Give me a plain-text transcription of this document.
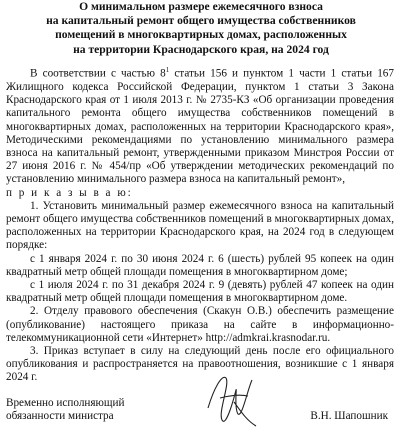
О минимальном размере ежемесячного взноса
на капитальный ремонт общего имущества собственников
помещений в многоквартирных домах, расположенных
на территории Краснодарского края, на 2024 год

В соответствии с частью $8^1$ статьи 156 и пунктом 1 части 1 статьи 167 Жилищного кодекса Российской Федерации, пунктом 1 статьи 3 Закона Краснодарского края от 1 июля 2013 г. № 2735-КЗ «Об организации проведения капитального ремонта общего имущества собственников помещений в многоквартирных домах, расположенных на территории Краснодарского края», Методическими рекомендациями по установлению минимального размера взноса на капитальный ремонт, утвержденными приказом Минстроя России от 27 июня 2016 г. № 454/пр «Об утверждении методических рекомендаций по установлению минимального размера взноса на капитальный ремонт»,

п р и к а з ы в а ю:

1. Установить минимальный размер ежемесячного взноса на капитальный ремонт общего имущества собственников помещений в многоквартирных домах, расположенных на территории Краснодарского края, на 2024 год в следующем порядке:

с 1 января 2024 г. по 30 июня 2024 г. 6 (шесть) рублей 95 копеек на один квадратный метр общей площади помещения в многоквартирном доме;

с 1 июля 2024 г. по 31 декабря 2024 г. 9 (девять) рублей 47 копеек на один квадратный метр общей площади помещения в многоквартирном доме.

2. Отделу правового обеспечения (Скакун О.В.) обеспечить размещение (опубликование) настоящего приказа на сайте в информационно-телекоммуникационной сети «Интернет» http://admkrai.krasnodar.ru.

3. Приказ вступает в силу на следующий день после его официального опубликования и распространяется на правоотношения, возникшие с 1 января 2024 г.

Временно исполняющий
обязанности министра	В.Н. Шапошник
